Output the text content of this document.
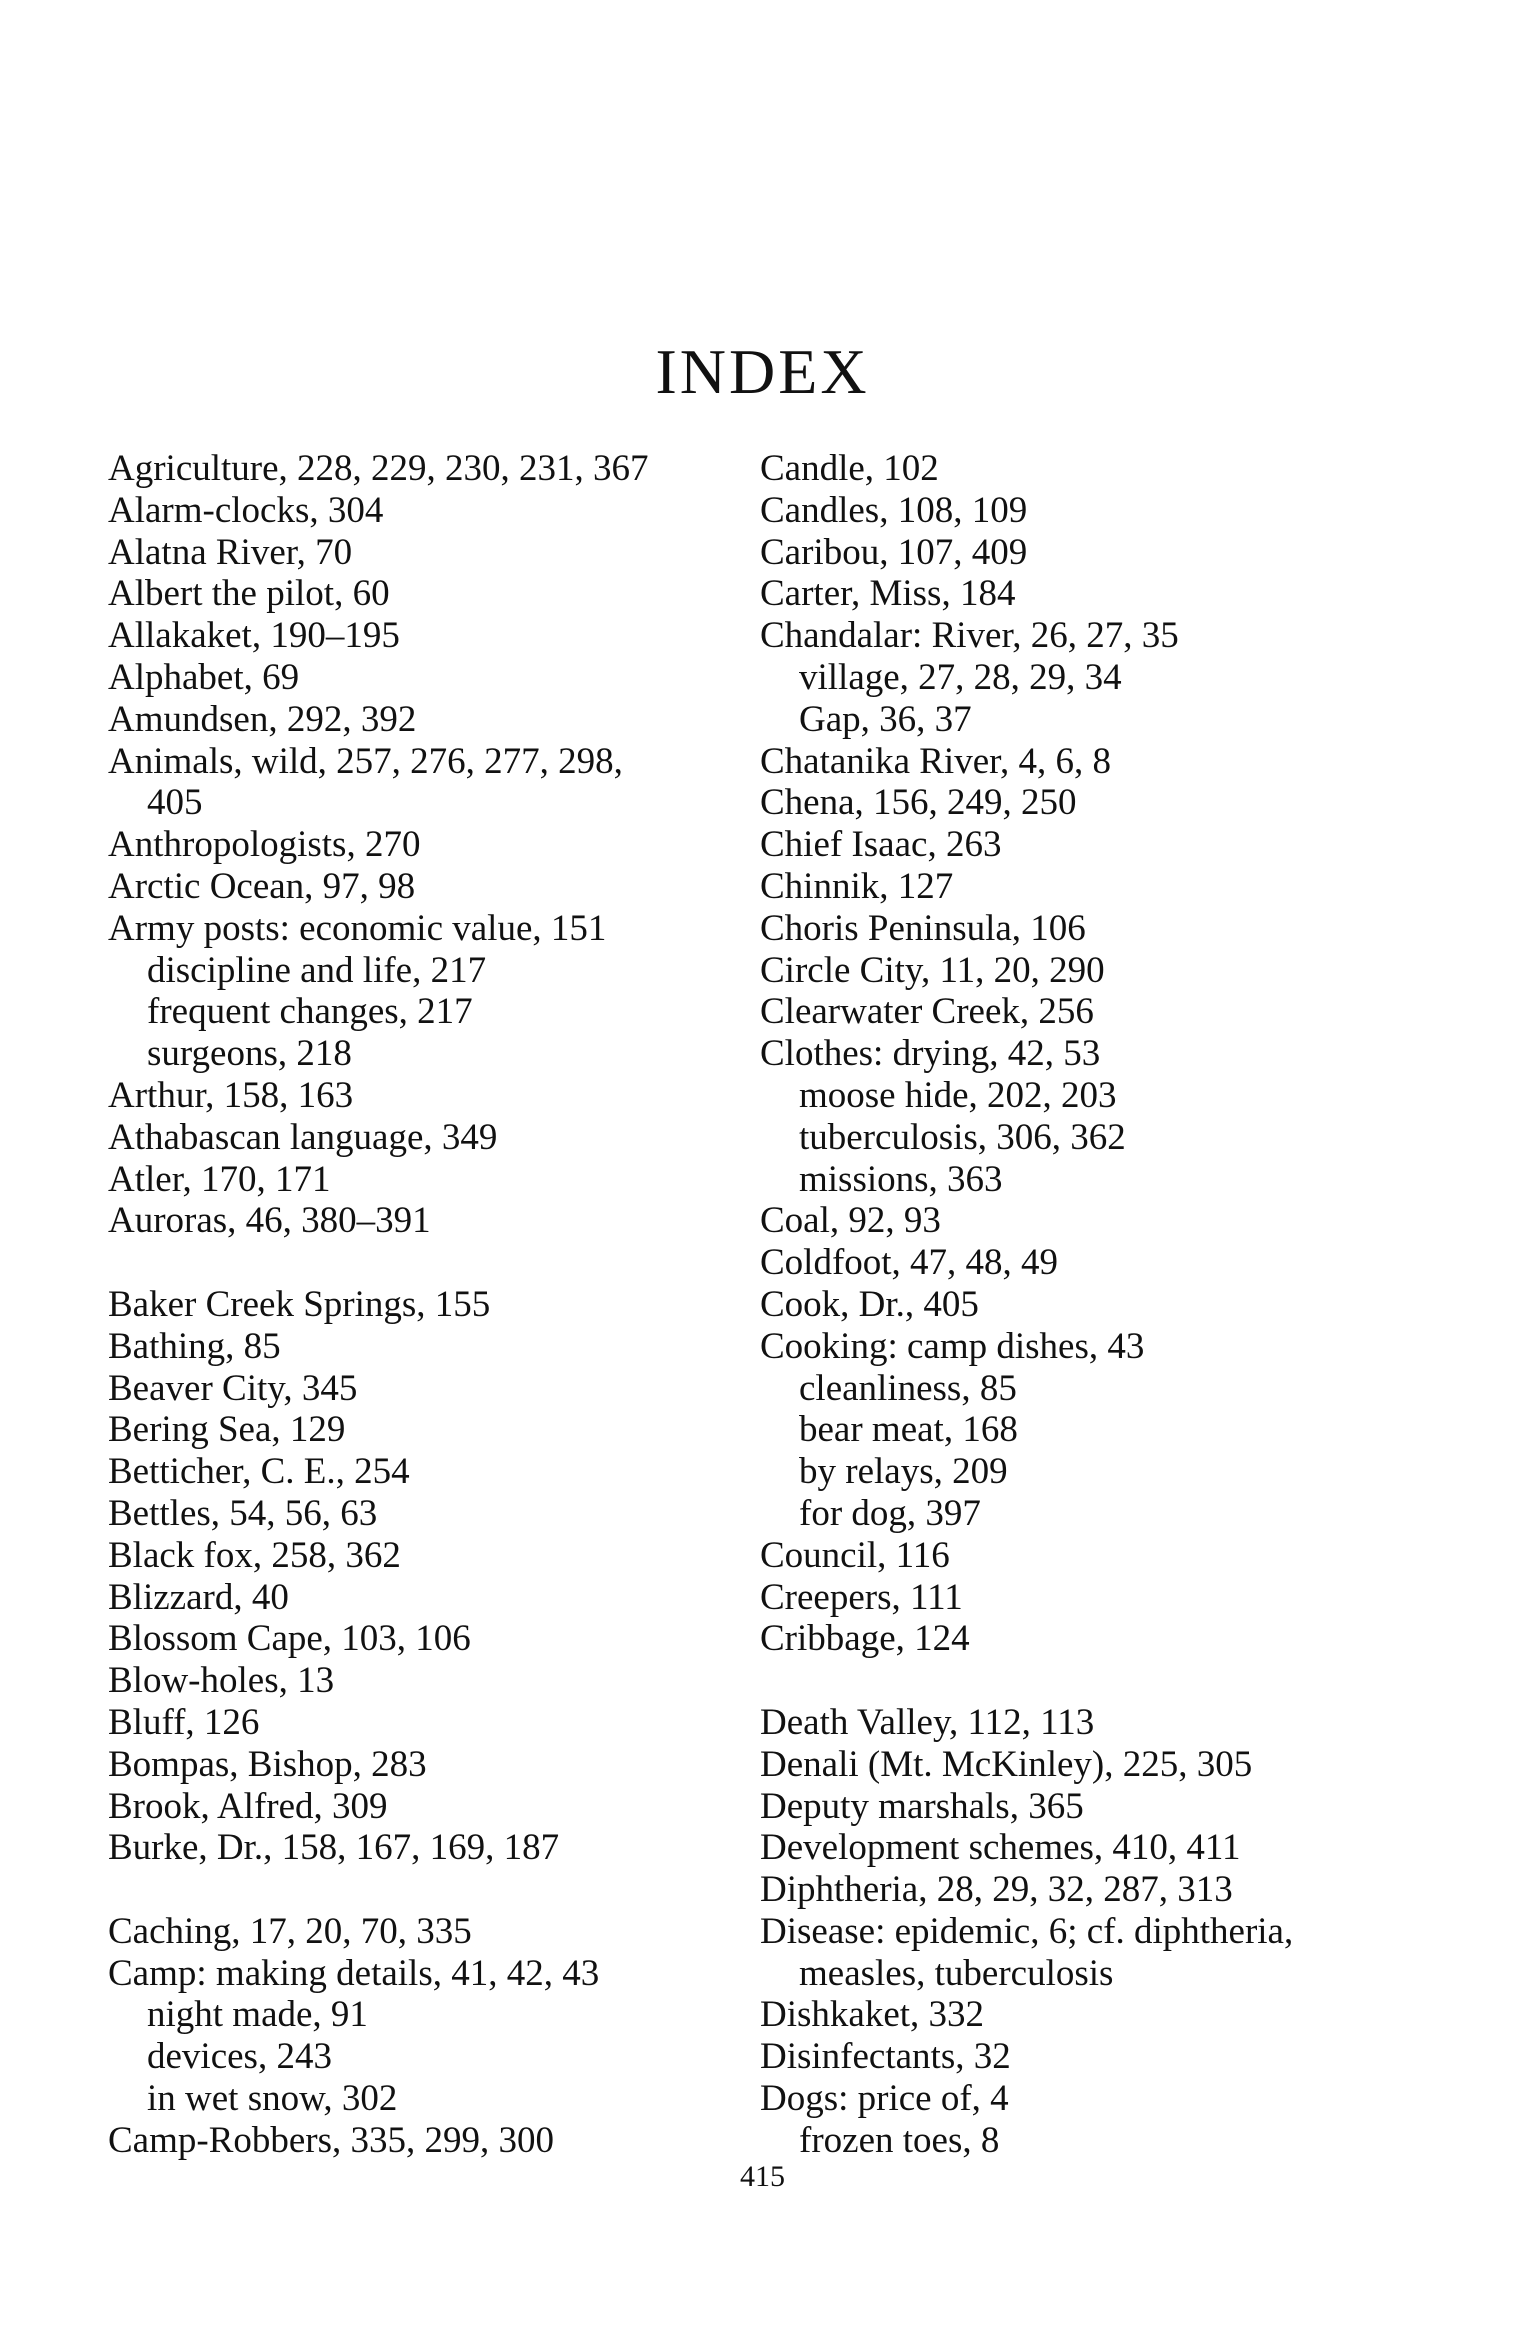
INDEX
Agriculture, 228, 229, 230, 231, 367
Alarm-clocks, 304
Alatna River, 70
Albert the pilot, 60
Allakaket, 190–195
Alphabet, 69
Amundsen, 292, 392
Animals, wild, 257, 276, 277, 298,
405
Anthropologists, 270
Arctic Ocean, 97, 98
Army posts: economic value, 151
discipline and life, 217
frequent changes, 217
surgeons, 218
Arthur, 158, 163
Athabascan language, 349
Atler, 170, 171
Auroras, 46, 380–391
Baker Creek Springs, 155
Bathing, 85
Beaver City, 345
Bering Sea, 129
Betticher, C. E., 254
Bettles, 54, 56, 63
Black fox, 258, 362
Blizzard, 40
Blossom Cape, 103, 106
Blow-holes, 13
Bluff, 126
Bompas, Bishop, 283
Brook, Alfred, 309
Burke, Dr., 158, 167, 169, 187
Caching, 17, 20, 70, 335
Camp: making details, 41, 42, 43
night made, 91
devices, 243
in wet snow, 302
Camp-Robbers, 335, 299, 300
Candle, 102
Candles, 108, 109
Caribou, 107, 409
Carter, Miss, 184
Chandalar: River, 26, 27, 35
village, 27, 28, 29, 34
Gap, 36, 37
Chatanika River, 4, 6, 8
Chena, 156, 249, 250
Chief Isaac, 263
Chinnik, 127
Choris Peninsula, 106
Circle City, 11, 20, 290
Clearwater Creek, 256
Clothes: drying, 42, 53
moose hide, 202, 203
tuberculosis, 306, 362
missions, 363
Coal, 92, 93
Coldfoot, 47, 48, 49
Cook, Dr., 405
Cooking: camp dishes, 43
cleanliness, 85
bear meat, 168
by relays, 209
for dog, 397
Council, 116
Creepers, 111
Cribbage, 124
Death Valley, 112, 113
Denali (Mt. McKinley), 225, 305
Deputy marshals, 365
Development schemes, 410, 411
Diphtheria, 28, 29, 32, 287, 313
Disease: epidemic, 6; cf. diphtheria,
measles, tuberculosis
Dishkaket, 332
Disinfectants, 32
Dogs: price of, 4
frozen toes, 8
415
